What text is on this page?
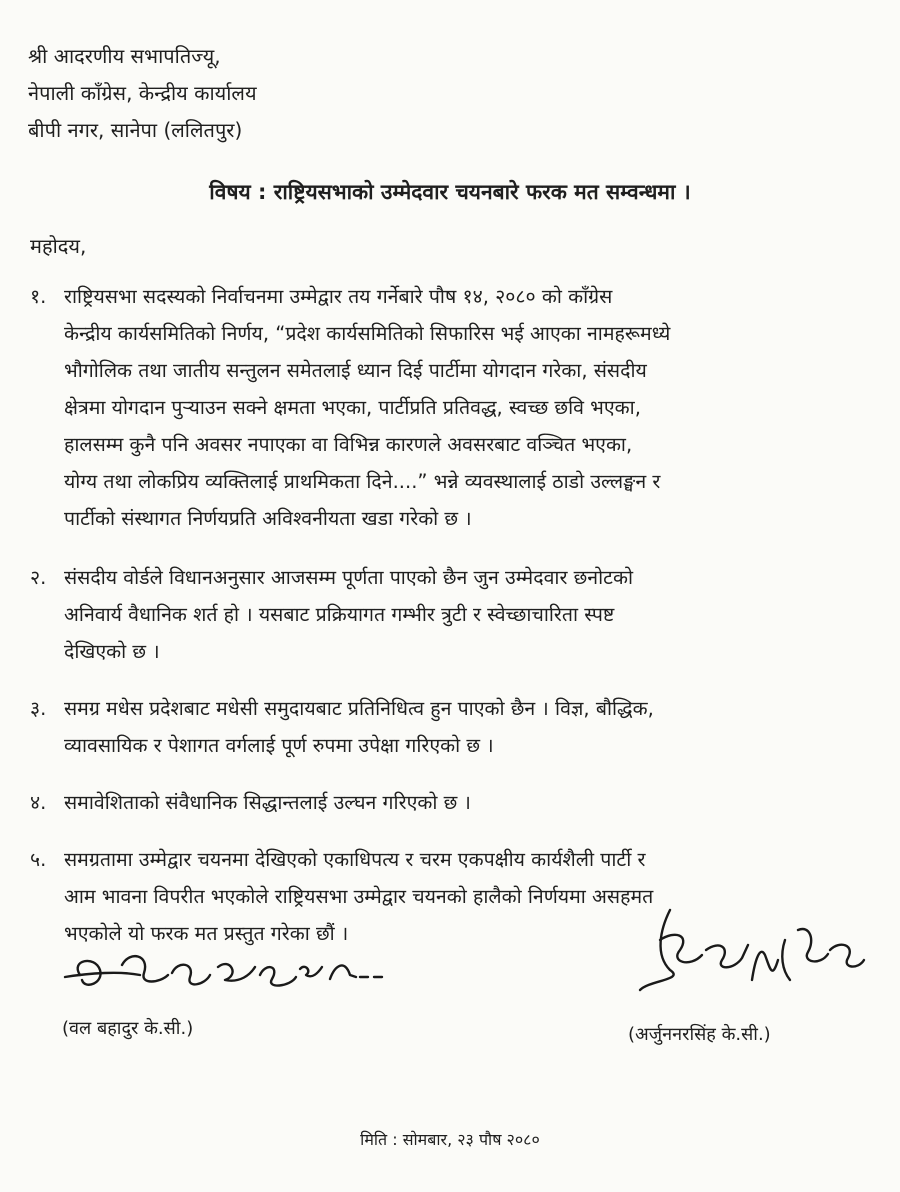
श्री आदरणीय सभापतिज्यू,
नेपाली काँग्रेस, केन्द्रीय कार्यालय
बीपी नगर, सानेपा (ललितपुर)
विषय : राष्ट्रियसभाको उम्मेदवार चयनबारे फरक मत सम्वन्धमा ।
महोदय,
१. राष्ट्रियसभा सदस्यको निर्वाचनमा उम्मेद्वार तय गर्नेबारे पौष १४, २०८० को काँग्रेस
केन्द्रीय कार्यसमितिको निर्णय, “प्रदेश कार्यसमितिको सिफारिस भई आएका नामहरूमध्ये
भौगोलिक तथा जातीय सन्तुलन समेतलाई ध्यान दिई पार्टीमा योगदान गरेका, संसदीय
क्षेत्रमा योगदान पुऱ्याउन सक्ने क्षमता भएका, पार्टीप्रति प्रतिवद्ध, स्वच्छ छवि भएका,
हालसम्म कुनै पनि अवसर नपाएका वा विभिन्न कारणले अवसरबाट वञ्चित भएका,
योग्य तथा लोकप्रिय व्यक्तिलाई प्राथमिकता दिने....” भन्ने व्यवस्थालाई ठाडो उल्लङ्घन र
पार्टीको संस्थागत निर्णयप्रति अविश्वनीयता खडा गरेको छ ।
२. संसदीय वोर्डले विधानअनुसार आजसम्म पूर्णता पाएको छैन जुन उम्मेदवार छनोटको
अनिवार्य वैधानिक शर्त हो । यसबाट प्रक्रियागत गम्भीर त्रुटी र स्वेच्छाचारिता स्पष्ट
देखिएको छ ।
३. समग्र मधेस प्रदेशबाट मधेसी समुदायबाट प्रतिनिधित्व हुन पाएको छैन । विज्ञ, बौद्धिक,
व्यावसायिक र पेशागत वर्गलाई पूर्ण रुपमा उपेक्षा गरिएको छ ।
४. समावेशिताको संवैधानिक सिद्धान्तलाई उल्घन गरिएको छ ।
५. समग्रतामा उम्मेद्वार चयनमा देखिएको एकाधिपत्य र चरम एकपक्षीय कार्यशैली पार्टी र
आम भावना विपरीत भएकोले राष्ट्रियसभा उम्मेद्वार चयनको हालैको निर्णयमा असहमत
भएकोले यो फरक मत प्रस्तुत गरेका छौं ।
(वल बहादुर के.सी.)	(अर्जुननरसिंह के.सी.)
मिति : सोमबार, २३ पौष २०८०
